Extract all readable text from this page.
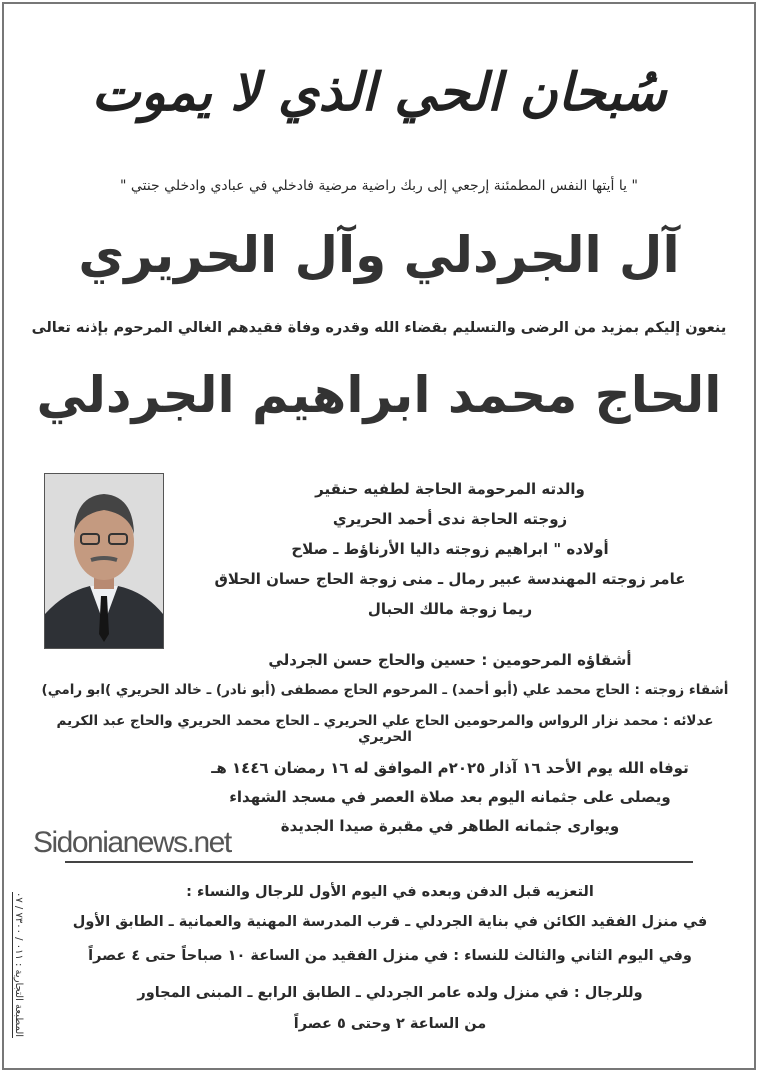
سُبحان الحي الذي لا يموت
" يا أيتها النفس المطمئنة إرجعي إلى ربك راضية مرضية فادخلي في عبادي وادخلي جنتي "
آل الجردلي وآل الحريري
ينعون إليكم بمزيد من الرضى والتسليم بقضاء الله وقدره وفاة فقيدهم الغالي المرحوم بإذنه تعالى
الحاج محمد ابراهيم الجردلي
والدته المرحومة الحاجة لطفيه حنقير
زوجته الحاجة ندى أحمد الحريري
أولاده " ابراهيم زوجته داليا الأرناؤط ـ صلاح
عامر زوجته المهندسة عبير رمال ـ منى زوجة الحاج حسان الحلاق
ريما زوجة مالك الحبال
أشقاؤه المرحومين : حسين والحاج حسن الجردلي
أشقاء زوجته : الحاج محمد علي (أبو أحمد) ـ المرحوم الحاج مصطفى (أبو نادر) ـ خالد الحريري )ابو رامي)
عدلائه : محمد نزار الرواس والمرحومين الحاج علي الحريري ـ الحاج محمد الحريري والحاج عبد الكريم الحريري
توفاه الله يوم الأحد ١٦ آذار ٢٠٢٥م الموافق له ١٦ رمضان ١٤٤٦ هـ
ويصلى على جثمانه اليوم بعد صلاة العصر في مسجد الشهداء
ويوارى جثمانه الطاهر في مقبرة صيدا الجديدة
Sidonianews.net
التعزيه قبل الدفن وبعده في اليوم الأول للرجال والنساء :
في منزل الفقيد الكائن في بناية الجردلي ـ قرب المدرسة المهنية والعمانية ـ الطابق الأول
وفي اليوم الثاني والثالث للنساء : في منزل الفقيد من الساعة ١٠ صباحاً حتى ٤ عصراً
وللرجال : في منزل ولده عامر الجردلي ـ الطابق الرابع ـ المبنى المجاور
من الساعة ٢ وحتى ٥ عصراً
المطبعة التجارية : ٠١١ / ٧٣٠٠ / ٠٧
